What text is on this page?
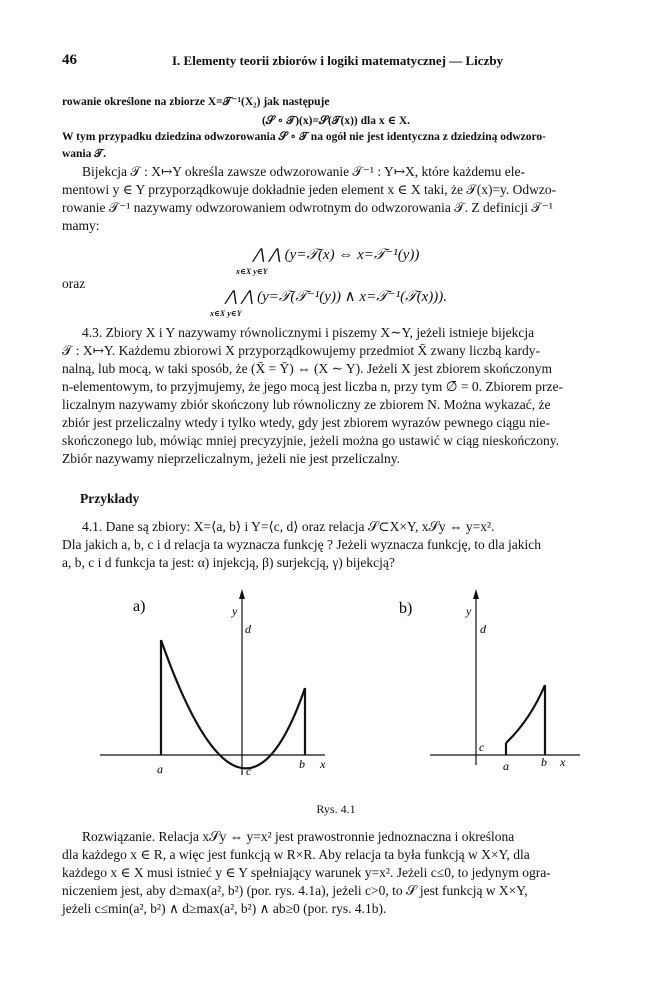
46	I. Elementy teorii zbiorów i logiki matematycznej — Liczby
rowanie określone na zbiorze X=𝒯⁻¹(X₂) jak następuje
(𝒮 ∘ 𝒯)(x)=𝒮(𝒯(x)) dla x ∈ X.
W tym przypadku dziedzina odwzorowania 𝒮 ∘ 𝒯 na ogół nie jest identyczna z dziedziną odwzoro-
wania 𝒯.
Bijekcja 𝒯 : X↦Y określa zawsze odwzorowanie 𝒯⁻¹ : Y↦X, które każdemu ele-
mentowi y ∈ Y przyporządkowuje dokładnie jeden element x ∈ X taki, że 𝒯(x)=y. Odwzo-
rowanie 𝒯⁻¹ nazywamy odwzorowaniem odwrotnym do odwzorowania 𝒯. Z definicji 𝒯⁻¹
mamy:
⋀ ⋀ (y=𝒯(x) ⇔ x=𝒯⁻¹(y))
x∈X y∈Y
oraz
⋀ ⋀ (y=𝒯(𝒯⁻¹(y)) ∧ x=𝒯⁻¹(𝒯(x))).
x∈X y∈Y
4.3. Zbiory X i Y nazywamy równolicznymi i piszemy X∼Y, jeżeli istnieje bijekcja
𝒯 : X↦Y. Każdemu zbiorowi X przyporządkowujemy przedmiot X̄ zwany liczbą kardy-
nalną, lub mocą, w taki sposób, że (X̄ = Ȳ) ⇔ (X ∼ Y). Jeżeli X jest zbiorem skończonym
n-elementowym, to przyjmujemy, że jego mocą jest liczba n, przy tym ∅̄ = 0. Zbiorem prze-
liczalnym nazywamy zbiór skończony lub równoliczny ze zbiorem N. Można wykazać, że
zbiór jest przeliczalny wtedy i tylko wtedy, gdy jest zbiorem wyrazów pewnego ciągu nie-
skończonego lub, mówiąc mniej precyzyjnie, jeżeli można go ustawić w ciąg nieskończony.
Zbiór nazywamy nieprzeliczalnym, jeżeli nie jest przeliczalny.
Przykłady
4.1. Dane są zbiory: X=⟨a, b⟩ i Y=⟨c, d⟩ oraz relacja 𝒮⊂X×Y, x𝒮y ⇔ y=x².
Dla jakich a, b, c i d relacja ta wyznacza funkcję ? Jeżeli wyznacza funkcję, to dla jakich
a, b, c i d funkcja ta jest: α) injekcją, β) surjekcją, γ) bijekcją?
a)	y
d
c
a	b x
b)	y
d
c
a	b x
Rys. 4.1
Rozwiązanie. Relacja x𝒮y ⇔ y=x² jest prawostronnie jednoznaczna i określona
dla każdego x ∈ R, a więc jest funkcją w R×R. Aby relacja ta była funkcją w X×Y, dla
każdego x ∈ X musi istnieć y ∈ Y spełniający warunek y=x². Jeżeli c≤0, to jedynym ogra-
niczeniem jest, aby d≥max(a², b²) (por. rys. 4.1a), jeżeli c>0, to 𝒮 jest funkcją w X×Y,
jeżeli c≤min(a², b²) ∧ d≥max(a², b²) ∧ ab≥0 (por. rys. 4.1b).
